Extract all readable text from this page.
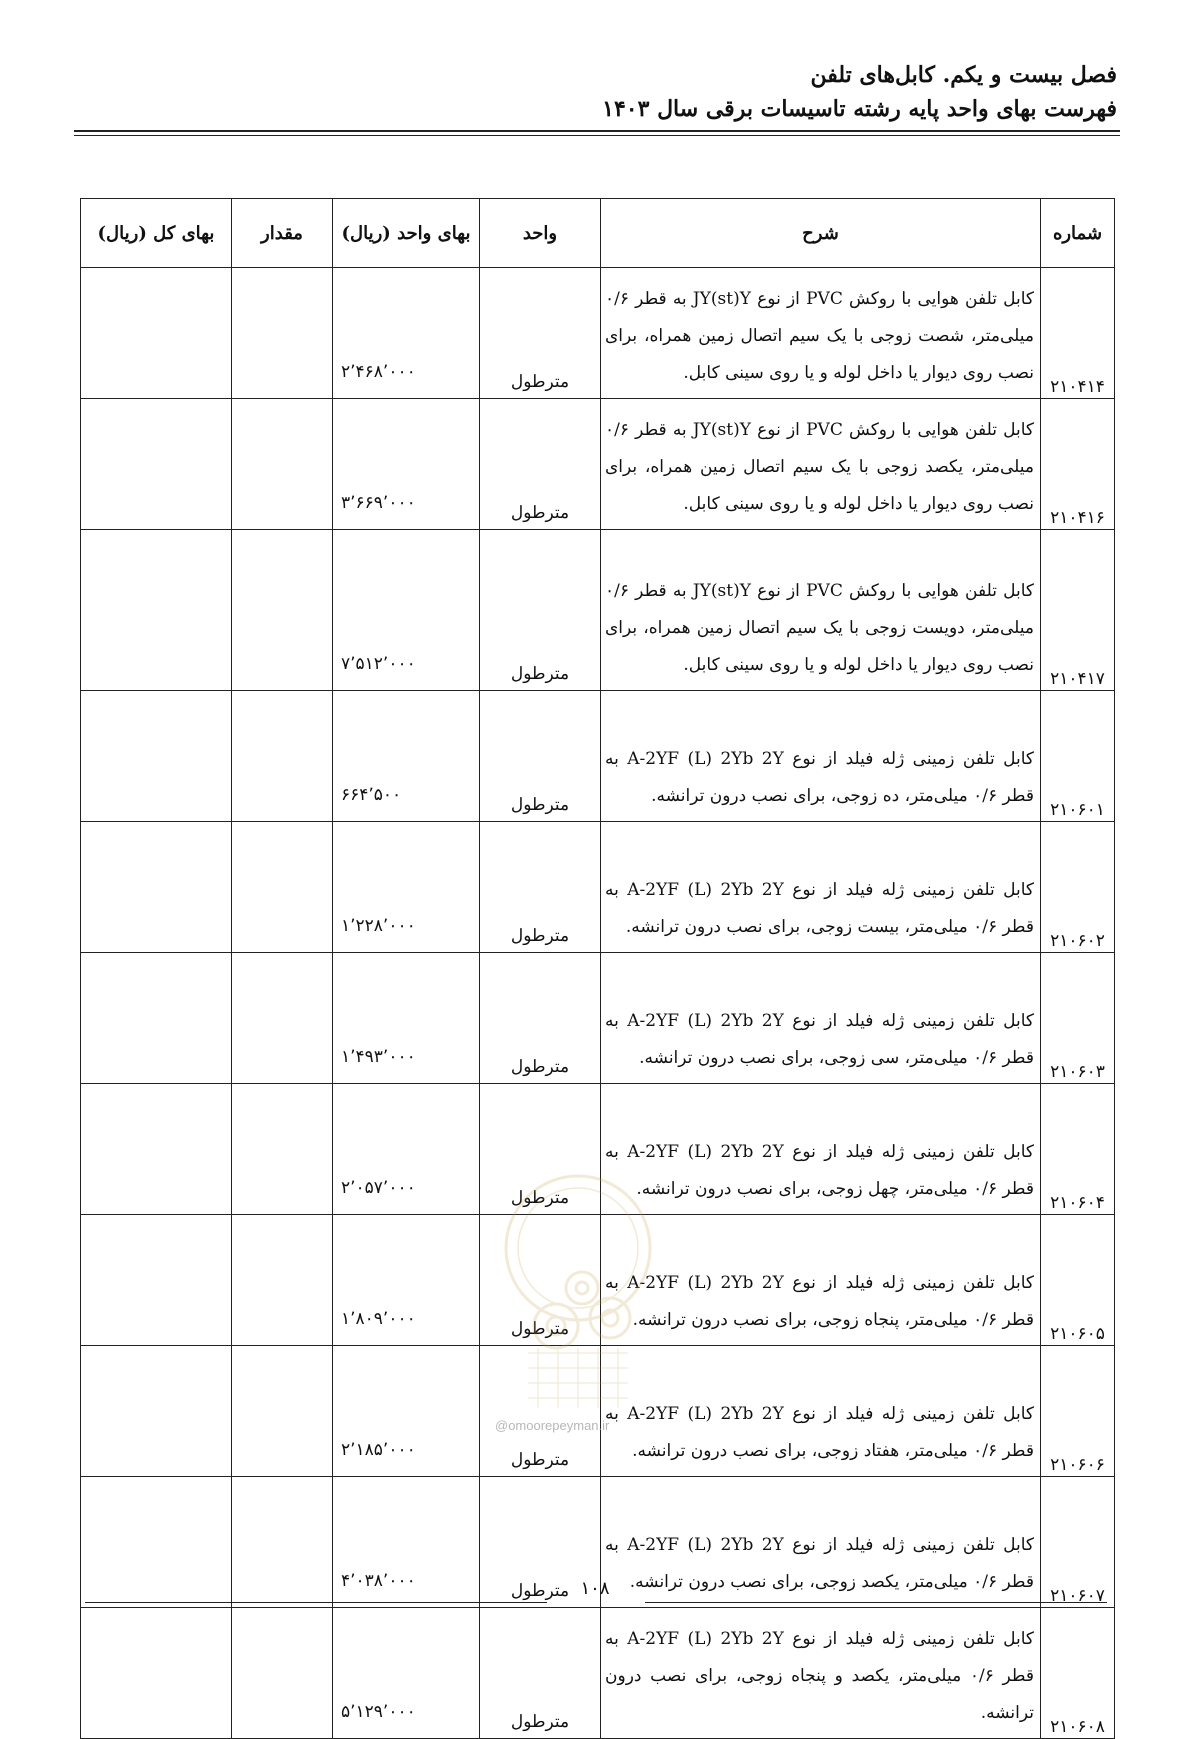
فصل بیست و یکم. کابل‌های تلفن
فهرست بهای واحد پایه رشته تاسیسات برقی سال ۱۴۰۳
شماره	شرح	واحد	بهای واحد (ریال)	مقدار	بهای کل (ریال)
۲۱۰۴۱۴	کابل تلفن هوایی با روکش PVC از نوع JY(st)Y به قطر ۰/۶ میلی‌متر، شصت زوجی با یک سیم اتصال زمین همراه، برای نصب روی دیوار یا داخل لوله و یا روی سینی کابل.	مترطول	۲٬۴۶۸٬۰۰۰		
۲۱۰۴۱۶	کابل تلفن هوایی با روکش PVC از نوع JY(st)Y به قطر ۰/۶ میلی‌متر، یکصد زوجی با یک سیم اتصال زمین همراه، برای نصب روی دیوار یا داخل لوله و یا روی سینی کابل.	مترطول	۳٬۶۶۹٬۰۰۰		
۲۱۰۴۱۷	کابل تلفن هوایی با روکش PVC از نوع JY(st)Y به قطر ۰/۶ میلی‌متر، دویست زوجی با یک سیم اتصال زمین همراه، برای نصب روی دیوار یا داخل لوله و یا روی سینی کابل.	مترطول	۷٬۵۱۲٬۰۰۰		
۲۱۰۶۰۱	کابل تلفن زمینی ژله فیلد از نوع A-2YF (L) 2Yb 2Y به قطر ۰/۶ میلی‌متر، ده زوجی، برای نصب درون ترانشه.	مترطول	۶۶۴٬۵۰۰		
۲۱۰۶۰۲	کابل تلفن زمینی ژله فیلد از نوع A-2YF (L) 2Yb 2Y به قطر ۰/۶ میلی‌متر، بیست زوجی، برای نصب درون ترانشه.	مترطول	۱٬۲۲۸٬۰۰۰		
۲۱۰۶۰۳	کابل تلفن زمینی ژله فیلد از نوع A-2YF (L) 2Yb 2Y به قطر ۰/۶ میلی‌متر، سی زوجی، برای نصب درون ترانشه.	مترطول	۱٬۴۹۳٬۰۰۰		
۲۱۰۶۰۴	کابل تلفن زمینی ژله فیلد از نوع A-2YF (L) 2Yb 2Y به قطر ۰/۶ میلی‌متر، چهل زوجی، برای نصب درون ترانشه.	مترطول	۲٬۰۵۷٬۰۰۰		
۲۱۰۶۰۵	کابل تلفن زمینی ژله فیلد از نوع A-2YF (L) 2Yb 2Y به قطر ۰/۶ میلی‌متر، پنجاه زوجی، برای نصب درون ترانشه.	مترطول	۱٬۸۰۹٬۰۰۰		
۲۱۰۶۰۶	کابل تلفن زمینی ژله فیلد از نوع A-2YF (L) 2Yb 2Y به قطر ۰/۶ میلی‌متر، هفتاد زوجی، برای نصب درون ترانشه.	مترطول	۲٬۱۸۵٬۰۰۰		
۲۱۰۶۰۷	کابل تلفن زمینی ژله فیلد از نوع A-2YF (L) 2Yb 2Y به قطر ۰/۶ میلی‌متر، یکصد زوجی، برای نصب درون ترانشه.	مترطول	۴٬۰۳۸٬۰۰۰		
۲۱۰۶۰۸	کابل تلفن زمینی ژله فیلد از نوع A-2YF (L) 2Yb 2Y به قطر ۰/۶ میلی‌متر، یکصد و پنجاه زوجی، برای نصب درون ترانشه.	مترطول	۵٬۱۲۹٬۰۰۰		
@omoorepeyman.ir
۱۰۸
